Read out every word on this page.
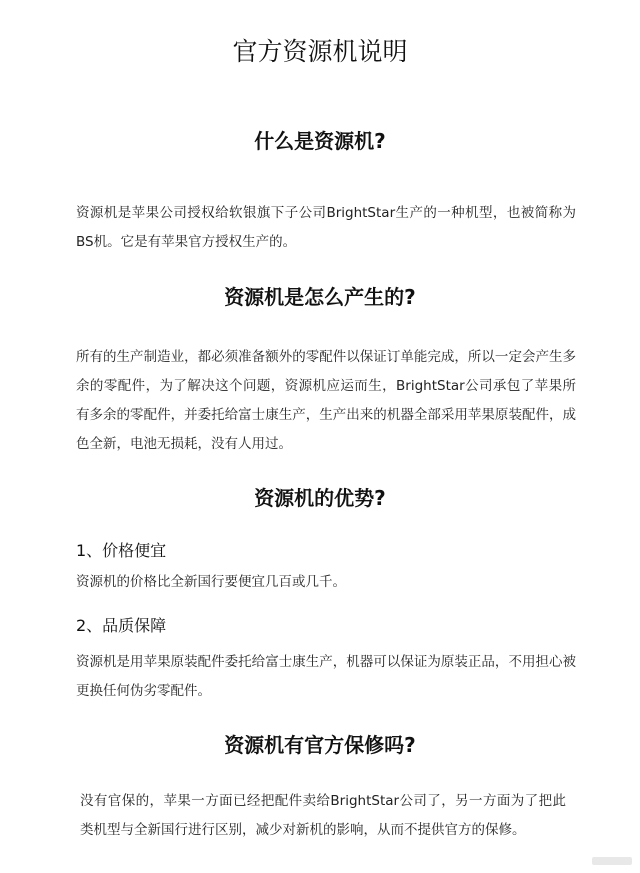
官方资源机说明
什么是资源机?

资源机是苹果公司授权给软银旗下子公司BrightStar生产的一种机型，也被简称为BS机。它是有苹果官方授权生产的。

资源机是怎么产生的?

所有的生产制造业，都必须准备额外的零配件以保证订单能完成，所以一定会产生多余的零配件，为了解决这个问题，资源机应运而生，BrightStar公司承包了苹果所有多余的零配件，并委托给富士康生产，生产出来的机器全部采用苹果原装配件，成色全新，电池无损耗，没有人用过。

资源机的优势?
1、价格便宜

资源机的价格比全新国行要便宜几百或几千。

2、品质保障

资源机是用苹果原装配件委托给富士康生产，机器可以保证为原装正品，不用担心被更换任何伪劣零配件。

资源机有官方保修吗?

没有官保的，苹果一方面已经把配件卖给BrightStar公司了，另一方面为了把此类机型与全新国行进行区别，减少对新机的影响，从而不提供官方的保修。
